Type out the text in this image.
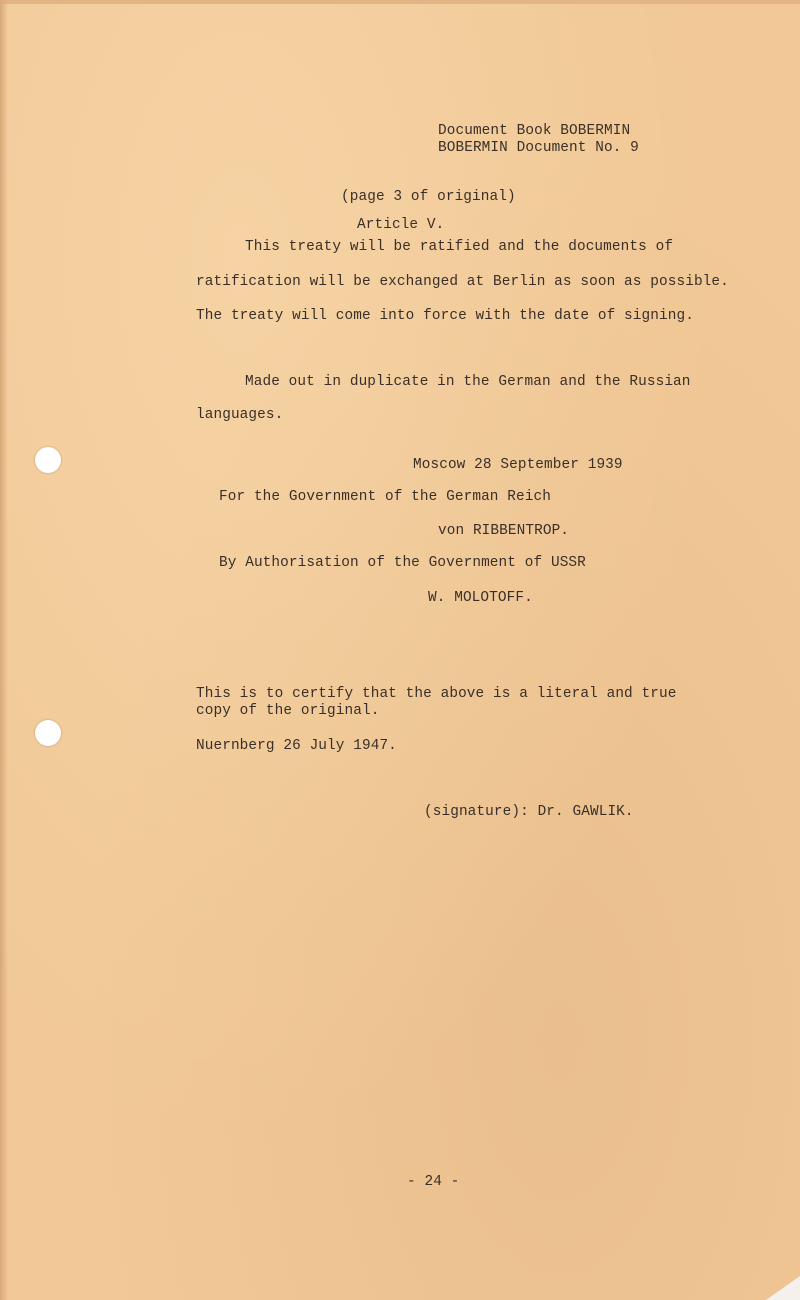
Document Book BOBERMIN
BOBERMIN Document No. 9
(page 3 of original)
Article V.
This treaty will be ratified and the documents of
ratification will be exchanged at Berlin as soon as possible.
The treaty will come into force with the date of signing.
Made out in duplicate in the German and the Russian
languages.
Moscow 28 September 1939
For the Government of the German Reich
von RIBBENTROP.
By Authorisation of the Government of USSR
W. MOLOTOFF.
This is to certify that the above is a literal and true
copy of the original.
Nuernberg 26 July 1947.
(signature): Dr. GAWLIK.
- 24 -
